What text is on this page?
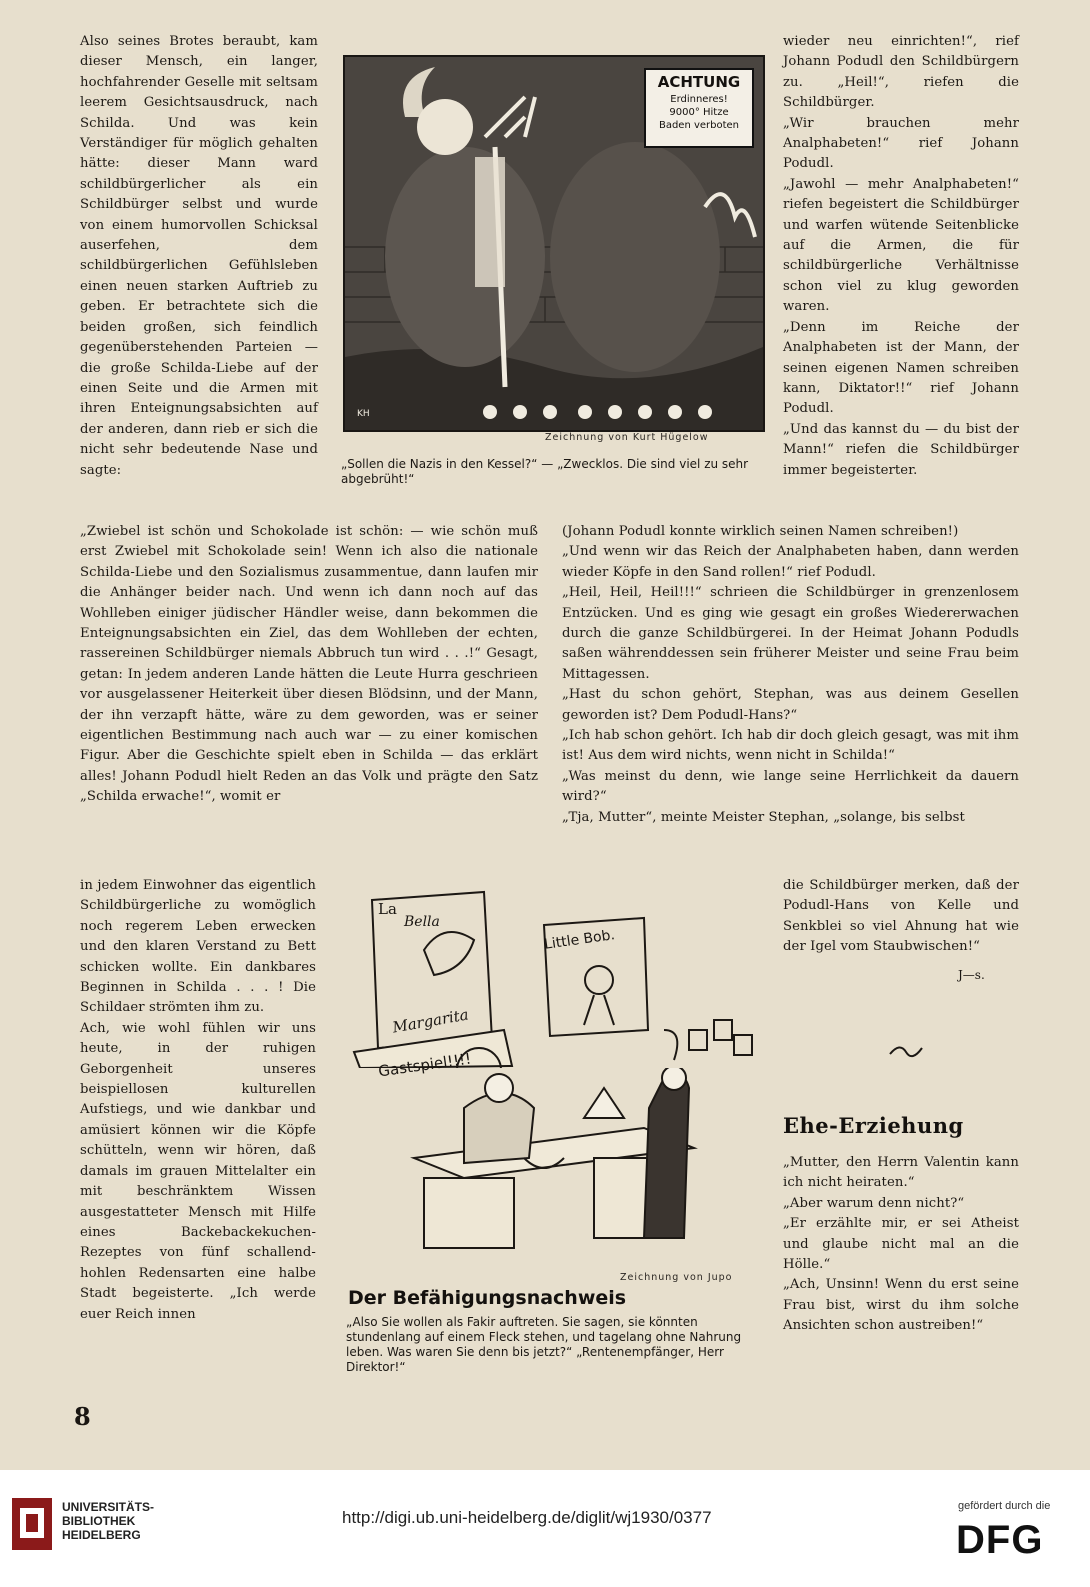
Also seines Brotes beraubt, kam dieser Mensch, ein langer, hochfahrender Geselle mit seltsam leerem Gesichtsausdruck, nach Schilda. Und was kein Verständiger für möglich gehalten hätte: dieser Mann ward schildbürgerlicher als ein Schildbürger selbst und wurde von einem humorvollen Schicksal auserfehen, dem schildbürgerlichen Gefühlsleben einen neuen starken Auftrieb zu geben. Er betrachtete sich die beiden großen, sich feindlich gegenüberstehenden Parteien — die große Schilda-Liebe auf der einen Seite und die Armen mit ihren Enteignungsabsichten auf der anderen, dann rieb er sich die nicht sehr bedeutende Nase und sagte:

ACHTUNG
Erdinneres!
9000° Hitze
Baden verboten
KH
Zeichnung von Kurt Hügelow
„Sollen die Nazis in den Kessel?“ — „Zwecklos. Die sind viel zu sehr abgebrüht!“

wieder neu einrichten!“, rief Johann Podudl den Schildbürgern zu. „Heil!“, riefen die Schildbürger.

„Wir brauchen mehr Analphabeten!“ rief Johann Podudl.

„Jawohl — mehr Analphabeten!“ riefen begeistert die Schildbürger und warfen wütende Seitenblicke auf die Armen, die für schildbürgerliche Verhältnisse schon viel zu klug geworden waren.

„Denn im Reiche der Analphabeten ist der Mann, der seinen eigenen Namen schreiben kann, Diktator!!“ rief Johann Podudl.

„Und das kannst du — du bist der Mann!“ riefen die Schildbürger immer begeisterter.

„Zwiebel ist schön und Schokolade ist schön: — wie schön muß erst Zwiebel mit Schokolade sein! Wenn ich also die nationale Schilda-Liebe und den Sozialismus zusammentue, dann laufen mir die Anhänger beider nach. Und wenn ich dann noch auf das Wohlleben einiger jüdischer Händler weise, dann bekommen die Enteignungsabsichten ein Ziel, das dem Wohlleben der echten, rassereinen Schildbürger niemals Abbruch tun wird . . .!“ Gesagt, getan: In jedem anderen Lande hätten die Leute Hurra geschrieen vor ausgelassener Heiterkeit über diesen Blödsinn, und der Mann, der ihn verzapft hätte, wäre zu dem geworden, was er seiner eigentlichen Bestimmung nach auch war — zu einer komischen Figur. Aber die Geschichte spielt eben in Schilda — das erklärt alles! Johann Podudl hielt Reden an das Volk und prägte den Satz „Schilda erwache!“, womit er

(Johann Podudl konnte wirklich seinen Namen schreiben!)

„Und wenn wir das Reich der Analphabeten haben, dann werden wieder Köpfe in den Sand rollen!“ rief Podudl.

„Heil, Heil, Heil!!!“ schrieen die Schildbürger in grenzenlosem Entzücken. Und es ging wie gesagt ein großes Wiedererwachen durch die ganze Schildbürgerei. In der Heimat Johann Podudls saßen währenddessen sein früherer Meister und seine Frau beim Mittagessen.

„Hast du schon gehört, Stephan, was aus deinem Gesellen geworden ist? Dem Podudl-Hans?“

„Ich hab schon gehört. Ich hab dir doch gleich gesagt, was mit ihm ist! Aus dem wird nichts, wenn nicht in Schilda!“

„Was meinst du denn, wie lange seine Herrlichkeit da dauern wird?“

„Tja, Mutter“, meinte Meister Stephan, „solange, bis selbst

in jedem Einwohner das eigentlich Schildbürgerliche zu womöglich noch regerem Leben erwecken und den klaren Verstand zu Bett schicken wollte. Ein dankbares Beginnen in Schilda . . . ! Die Schildaer strömten ihm zu.

Ach, wie wohl fühlen wir uns heute, in der ruhigen Geborgenheit unseres beispiellosen kulturellen Aufstiegs, und wie dankbar und amüsiert können wir die Köpfe schütteln, wenn wir hören, daß damals im grauen Mittelalter ein mit beschränktem Wissen ausgestatteter Mensch mit Hilfe eines Backebackekuchen-Rezeptes von fünf schallend-hohlen Redensarten eine halbe Stadt begeisterte. „Ich werde euer Reich innen

La
Bella
Margarita
Little Bob.
Gastspiel!!!!
Zeichnung von Jupo
Der Befähigungsnachweis
„Also Sie wollen als Fakir auftreten. Sie sagen, sie könnten stundenlang auf einem Fleck stehen, und tagelang ohne Nahrung leben. Was waren Sie denn bis jetzt?“ „Rentenempfänger, Herr Direktor!“

die Schildbürger merken, daß der Podudl-Hans von Kelle und Senkblei so viel Ahnung hat wie der Igel vom Staubwischen!“

J—s.
Ehe-Erziehung

„Mutter, den Herrn Valentin kann ich nicht heiraten.“

„Aber warum denn nicht?“

„Er erzählte mir, er sei Atheist und glaube nicht mal an die Hölle.“

„Ach, Unsinn! Wenn du erst seine Frau bist, wirst du ihm solche Ansichten schon austreiben!“

8
UNIVERSITÄTS-
BIBLIOTHEK
HEIDELBERG
http://digi.ub.uni-heidelberg.de/diglit/wj1930/0377
gefördert durch die
DFG
